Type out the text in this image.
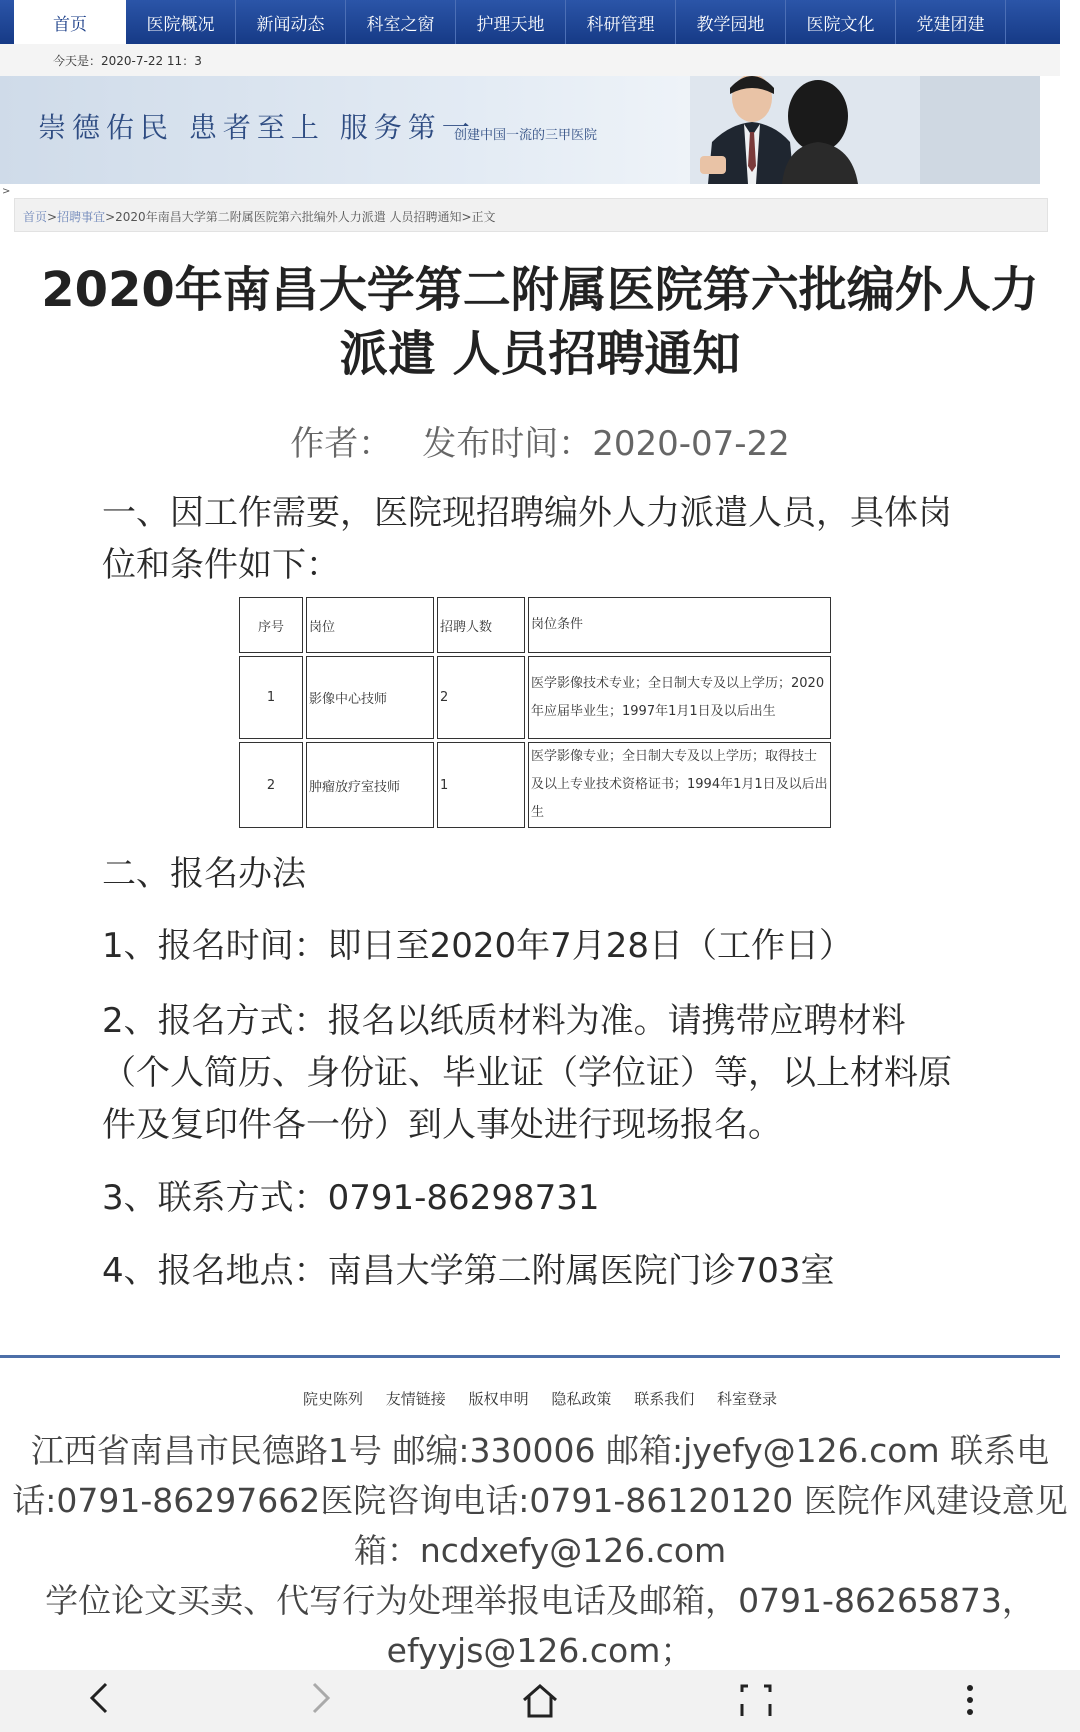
首页	医院概况	新闻动态	科室之窗	护理天地	科研管理	教学园地	医院文化	党建团建
今天是：2020-7-22 11：3
崇德佑民 患者至上 服务第一
创建中国一流的三甲医院
>
首页>招聘事宜>2020年南昌大学第二附属医院第六批编外人力派遣 人员招聘通知>正文
2020年南昌大学第二附属医院第六批编外人力派遣 人员招聘通知
作者： 发布时间：2020-07-22
一、因工作需要，医院现招聘编外人力派遣人员，具体岗位和条件如下：
序号	岗位	招聘人数	岗位条件
1	影像中心技师	2	医学影像技术专业；全日制大专及以上学历；2020年应届毕业生；1997年1月1日及以后出生
2	肿瘤放疗室技师	1	医学影像专业；全日制大专及以上学历；取得技士及以上专业技术资格证书；1994年1月1日及以后出生
二、报名办法
1、报名时间：即日至2020年7月28日（工作日）
2、报名方式：报名以纸质材料为准。请携带应聘材料（个人简历、身份证、毕业证（学位证）等，以上材料原件及复印件各一份）到人事处进行现场报名。
3、联系方式：0791-86298731
4、报名地点：南昌大学第二附属医院门诊703室
院史陈列 友情链接 版权申明 隐私政策 联系我们 科室登录
江西省南昌市民德路1号 邮编:330006 邮箱:jyefy@126.com 联系电
话:0791-86297662医院咨询电话:0791-86120120 医院作风建设意见
箱：ncdxefy@126.com
学位论文买卖、代写行为处理举报电话及邮箱，0791-86265873，
efyyjs@126.com；
